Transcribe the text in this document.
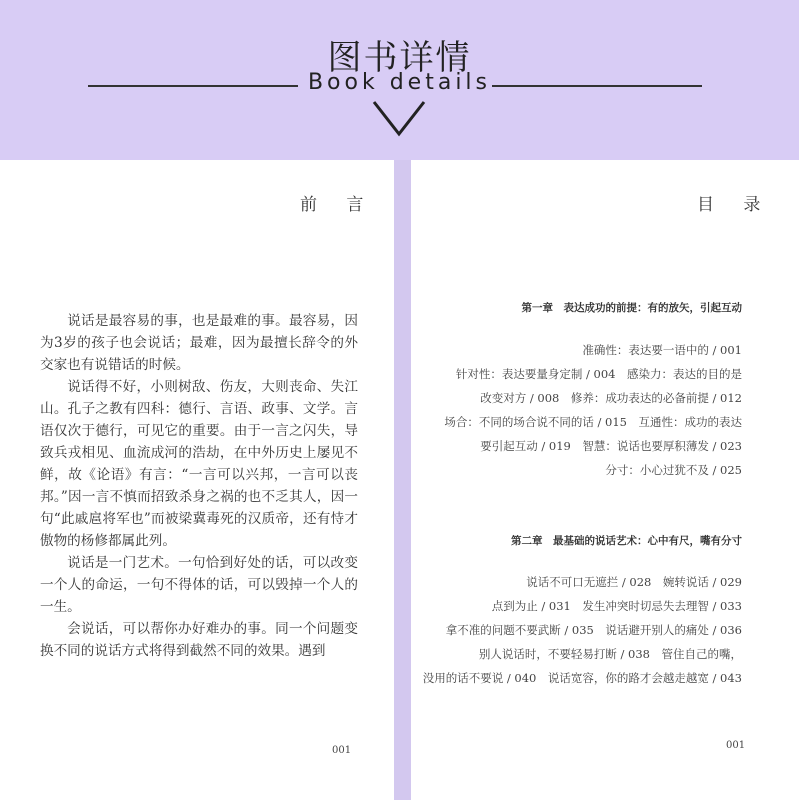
图书详情
Book details
前 言

说话是最容易的事，也是最难的事。最容易，因为3岁的孩子也会说话；最难，因为最擅长辞令的外交家也有说错话的时候。

说话得不好，小则树敌、伤友，大则丧命、失江山。孔子之教有四科：德行、言语、政事、文学。言语仅次于德行，可见它的重要。由于一言之闪失，导致兵戎相见、血流成河的浩劫，在中外历史上屡见不鲜，故《论语》有言：“一言可以兴邦，一言可以丧邦。”因一言不慎而招致杀身之祸的也不乏其人，因一句“此戚扈将军也”而被梁冀毒死的汉质帝，还有恃才傲物的杨修都属此列。

说话是一门艺术。一句恰到好处的话，可以改变一个人的命运，一句不得体的话，可以毁掉一个人的一生。

会说话，可以帮你办好难办的事。同一个问题变换不同的说话方式将得到截然不同的效果。遇到

001
目 录
第一章　表达成功的前提：有的放矢，引起互动
准确性：表达要一语中的 / 001
针对性：表达要量身定制 / 004　感染力：表达的目的是
改变对方 / 008　修养：成功表达的必备前提 / 012
场合：不同的场合说不同的话 / 015　互通性：成功的表达
要引起互动 / 019　智慧：说话也要厚积薄发 / 023
分寸：小心过犹不及 / 025
第二章　最基础的说话艺术：心中有尺，嘴有分寸
说话不可口无遮拦 / 028　婉转说话 / 029
点到为止 / 031　发生冲突时切忌失去理智 / 033
拿不准的问题不要武断 / 035　说话避开别人的痛处 / 036
别人说话时，不要轻易打断 / 038　管住自己的嘴，
没用的话不要说 / 040　说话宽容，你的路才会越走越宽 / 043
001
